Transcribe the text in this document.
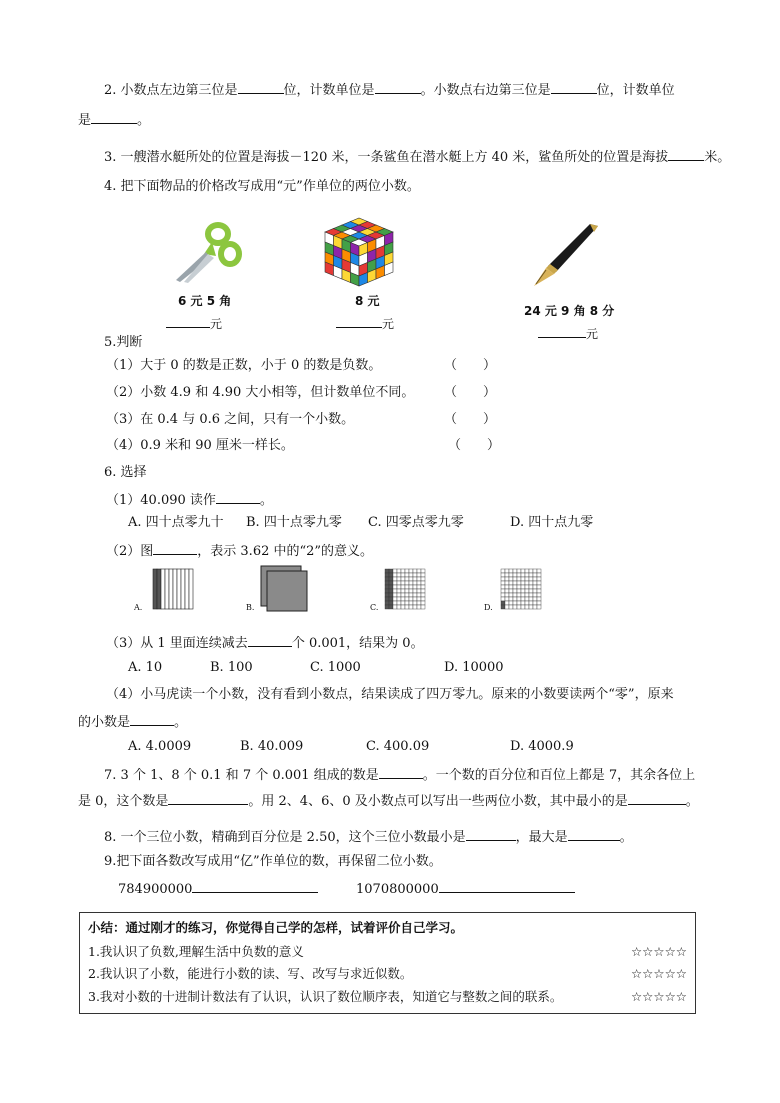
2. 小数点左边第三位是	位，计数单位是	。小数点右边第三位是	位，计数单位
是	。
3. 一艘潜水艇所处的位置是海拔－120 米，一条鲨鱼在潜水艇上方 40 米，鲨鱼所处的位置是海拔	米。
4. 把下面物品的价格改写成用“元”作单位的两位小数。
6 元 5 角
元
8 元
元
24 元 9 角 8 分
元
5.判断
（1）大于 0 的数是正数，小于 0 的数是负数。	（　　）
（2）小数 4.9 和 4.90 大小相等，但计数单位不同。 （　　）
（3）在 0.4 与 0.6 之间，只有一个小数。	（　　）
（4）0.9 米和 90 厘米一样长。	（　　）
6. 选择
（1）40.090 读作	。
A. 四十点零九十 B. 四十点零九零 C. 四零点零九零	D. 四十点九零
（2）图	，表示 3.62 中的“2”的意义。
A.	B.	C.	D.
（3）从 1 里面连续减去	个 0.001，结果为 0。
A. 10	B. 100	C. 1000	D. 10000
（4）小马虎读一个小数，没有看到小数点，结果读成了四万零九。原来的小数要读两个“零”，原来
的小数是	。
A. 4.0009	B. 40.009	C. 400.09	D. 4000.9
7. 3 个 1、8 个 0.1 和 7 个 0.001 组成的数是	。一个数的百分位和百位上都是 7，其余各位上
是 0，这个数是	。用 2、4、6、0 及小数点可以写出一些两位小数，其中最小的是	。
8. 一个三位小数，精确到百分位是 2.50，这个三位小数最小是	，最大是	。
9.把下面各数改写成用“亿”作单位的数，再保留二位小数。
784900000	1070800000
小结：通过刚才的练习，你觉得自己学的怎样，试着评价自己学习。
1.我认识了负数,理解生活中负数的意义	☆☆☆☆☆
2.我认识了小数，能进行小数的读、写、改写与求近似数。	☆☆☆☆☆
3.我对小数的十进制计数法有了认识，认识了数位顺序表，知道它与整数之间的联系。	☆☆☆☆☆
